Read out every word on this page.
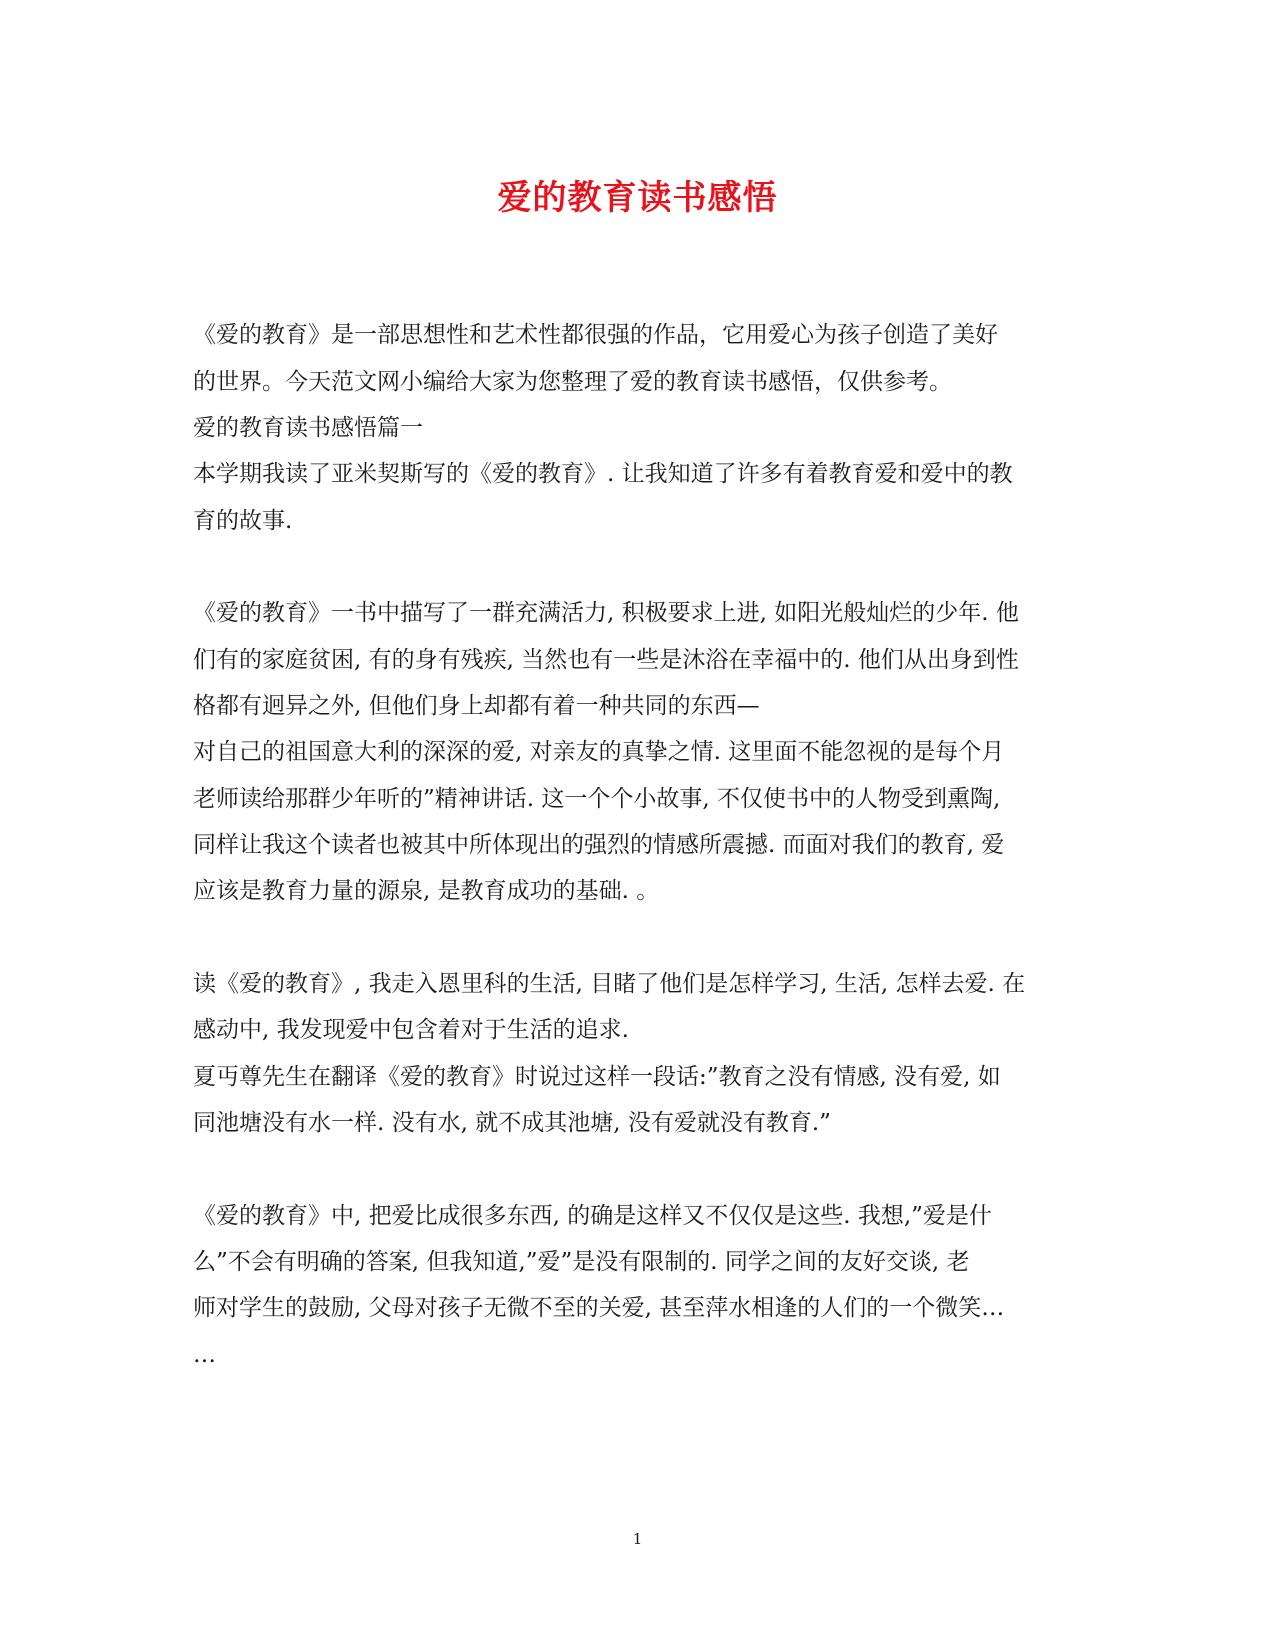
爱的教育读书感悟
《爱的教育》是一部思想性和艺术性都很强的作品，它用爱心为孩子创造了美好
的世界。今天范文网小编给大家为您整理了爱的教育读书感悟，仅供参考。
爱的教育读书感悟篇一
本学期我读了亚米契斯写的《爱的教育》. 让我知道了许多有着教育爱和爱中的教
育的故事.
《爱的教育》一书中描写了一群充满活力, 积极要求上进, 如阳光般灿烂的少年. 他
们有的家庭贫困, 有的身有残疾, 当然也有一些是沐浴在幸福中的. 他们从出身到性
格都有迥异之外, 但他们身上却都有着一种共同的东西—
对自己的祖国意大利的深深的爱, 对亲友的真挚之情. 这里面不能忽视的是每个月
老师读给那群少年听的”精神讲话. 这一个个小故事, 不仅使书中的人物受到熏陶,
同样让我这个读者也被其中所体现出的强烈的情感所震撼. 而面对我们的教育, 爱
应该是教育力量的源泉, 是教育成功的基础. 。
读《爱的教育》, 我走入恩里科的生活, 目睹了他们是怎样学习, 生活, 怎样去爱. 在
感动中, 我发现爱中包含着对于生活的追求.
夏丏尊先生在翻译《爱的教育》时说过这样一段话:”教育之没有情感, 没有爱, 如
同池塘没有水一样. 没有水, 就不成其池塘, 没有爱就没有教育.”
《爱的教育》中, 把爱比成很多东西, 的确是这样又不仅仅是这些. 我想,”爱是什
么”不会有明确的答案, 但我知道,”爱”是没有限制的. 同学之间的友好交谈, 老
师对学生的鼓励, 父母对孩子无微不至的关爱, 甚至萍水相逢的人们的一个微笑…
…
1
